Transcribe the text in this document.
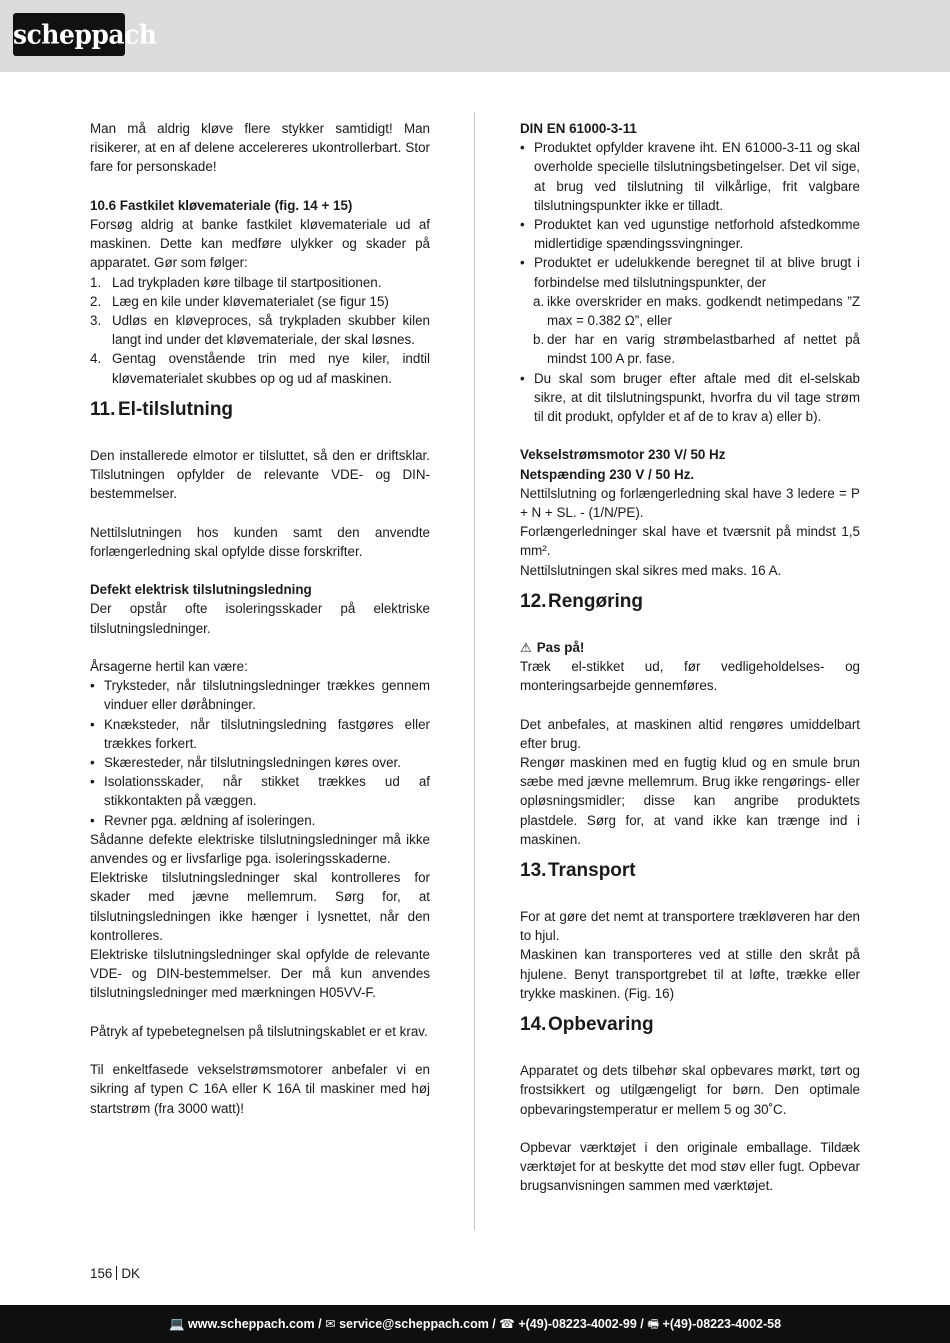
scheppach

Man må aldrig kløve flere stykker samtidigt! Man risikerer, at en af delene accelereres ukontrollerbart. Stor fare for personskade!

10.6 Fastkilet kløvemateriale (fig. 14 + 15)

Forsøg aldrig at banke fastkilet kløvemateriale ud af maskinen. Dette kan medføre ulykker og skader på apparatet. Gør som følger:

1. Lad trykpladen køre tilbage til startpositionen.
2. Læg en kile under kløvematerialet (se figur 15)
3. Udløs en kløveproces, så trykpladen skubber kilen langt ind under det kløvemateriale, der skal løsnes.
4. Gentag ovenstående trin med nye kiler, indtil kløvematerialet skubbes op og ud af maskinen.
11. El-tilslutning

Den installerede elmotor er tilsluttet, så den er driftsklar. Tilslutningen opfylder de relevante VDE- og DIN-bestemmelser.

Nettilslutningen hos kunden samt den anvendte forlængerledning skal opfylde disse forskrifter.

Defekt elektrisk tilslutningsledning

Der opstår ofte isoleringsskader på elektriske tilslutningsledninger.

Årsagerne hertil kan være:

• Tryksteder, når tilslutningsledninger trækkes gennem vinduer eller døråbninger.
• Knæksteder, når tilslutningsledning fastgøres eller trækkes forkert.
• Skæresteder, når tilslutningsledningen køres over.
• Isolationsskader, når stikket trækkes ud af stikkontakten på væggen.
• Revner pga. ældning af isoleringen.

Sådanne defekte elektriske tilslutningsledninger må ikke anvendes og er livsfarlige pga. isoleringsskaderne.

Elektriske tilslutningsledninger skal kontrolleres for skader med jævne mellemrum. Sørg for, at tilslutningsledningen ikke hænger i lysnettet, når den kontrolleres.

Elektriske tilslutningsledninger skal opfylde de relevante VDE- og DIN-bestemmelser. Der må kun anvendes tilslutningsledninger med mærkningen H05VV-F.

Påtryk af typebetegnelsen på tilslutningskablet er et krav.

Til enkeltfasede vekselstrømsmotorer anbefaler vi en sikring af typen C 16A eller K 16A til maskiner med høj startstrøm (fra 3000 watt)!

DIN EN 61000-3-11

• Produktet opfylder kravene iht. EN 61000-3-11 og skal overholde specielle tilslutningsbetingelser. Det vil sige, at brug ved tilslutning til vilkårlige, frit valgbare tilslutningspunkter ikke er tilladt.
• Produktet kan ved ugunstige netforhold afstedkomme midlertidige spændingssvingninger.
• Produktet er udelukkende beregnet til at blive brugt i forbindelse med tilslutningspunkter, der
a. ikke overskrider en maks. godkendt netimpedans ”Z max = 0.382 Ω”, eller
b. der har en varig strømbelastbarhed af nettet på mindst 100 A pr. fase.
• Du skal som bruger efter aftale med dit el-selskab sikre, at dit tilslutningspunkt, hvorfra du vil tage strøm til dit produkt, opfylder et af de to krav a) eller b).

Vekselstrømsmotor 230 V/ 50 Hz

Netspænding 230 V / 50 Hz.

Nettilslutning og forlængerledning skal have 3 ledere = P + N + SL. - (1/N/PE).

Forlængerledninger skal have et tværsnit på mindst 1,5 mm².

Nettilslutningen skal sikres med maks. 16 A.

12.Rengøring

⚠ Pas på!

Træk el-stikket ud, før vedligeholdelses- og monteringsarbejde gennemføres.

Det anbefales, at maskinen altid rengøres umiddelbart efter brug.

Rengør maskinen med en fugtig klud og en smule brun sæbe med jævne mellemrum. Brug ikke rengørings- eller opløsningsmidler; disse kan angribe produktets plastdele. Sørg for, at vand ikke kan trænge ind i maskinen.

13.Transport

For at gøre det nemt at transportere trækløveren har den to hjul.

Maskinen kan transporteres ved at stille den skråt på hjulene. Benyt transportgrebet til at løfte, trække eller trykke maskinen. (Fig. 16)

14.Opbevaring

Apparatet og dets tilbehør skal opbevares mørkt, tørt og frostsikkert og utilgængeligt for børn. Den optimale opbevaringstemperatur er mellem 5 og 30˚C.

Opbevar værktøjet i den originale emballage. Tildæk værktøjet for at beskytte det mod støv eller fugt. Opbevar brugsanvisningen sammen med værktøjet.

156 DK
💻 www.scheppach.com / ✉ service@scheppach.com / ☎ +(49)-08223-4002-99 / 🖷 +(49)-08223-4002-58
